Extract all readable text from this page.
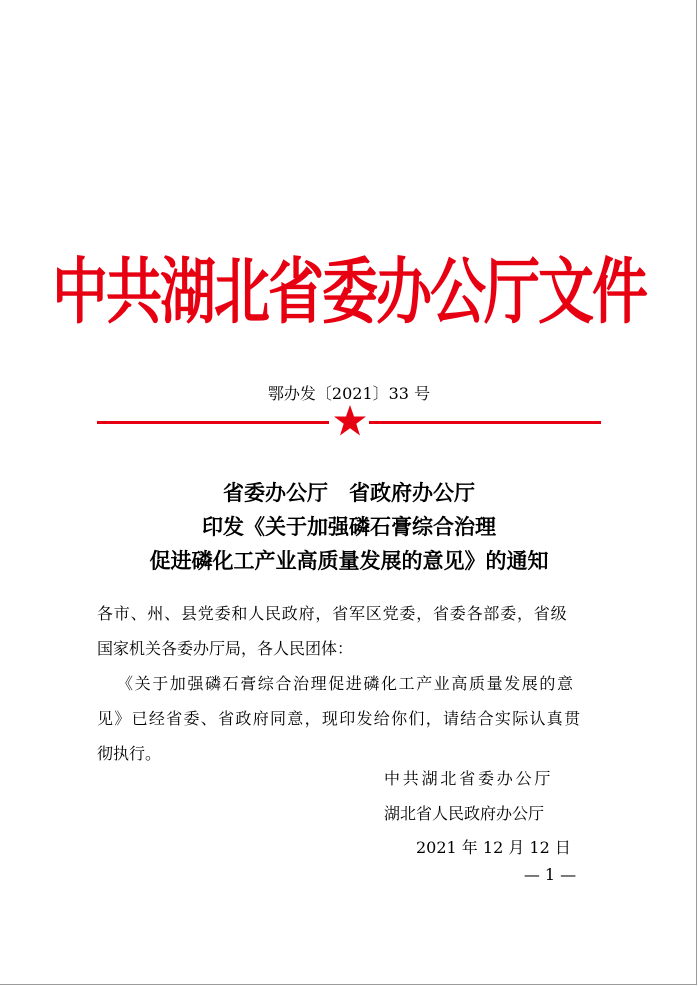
中共湖北省委办公厅文件
鄂办发〔2021〕33 号
省委办公厅　省政府办公厅
印发《关于加强磷石膏综合治理
促进磷化工产业高质量发展的意见》的通知
各市、州、县党委和人民政府，省军区党委，省委各部委，省级
国家机关各委办厅局，各人民团体：
《关于加强磷石膏综合治理促进磷化工产业高质量发展的意
见》已经省委、省政府同意，现印发给你们，请结合实际认真贯
彻执行。
中共湖北省委办公厅
湖北省人民政府办公厅
2021 年 12 月 12 日
— 1 —
